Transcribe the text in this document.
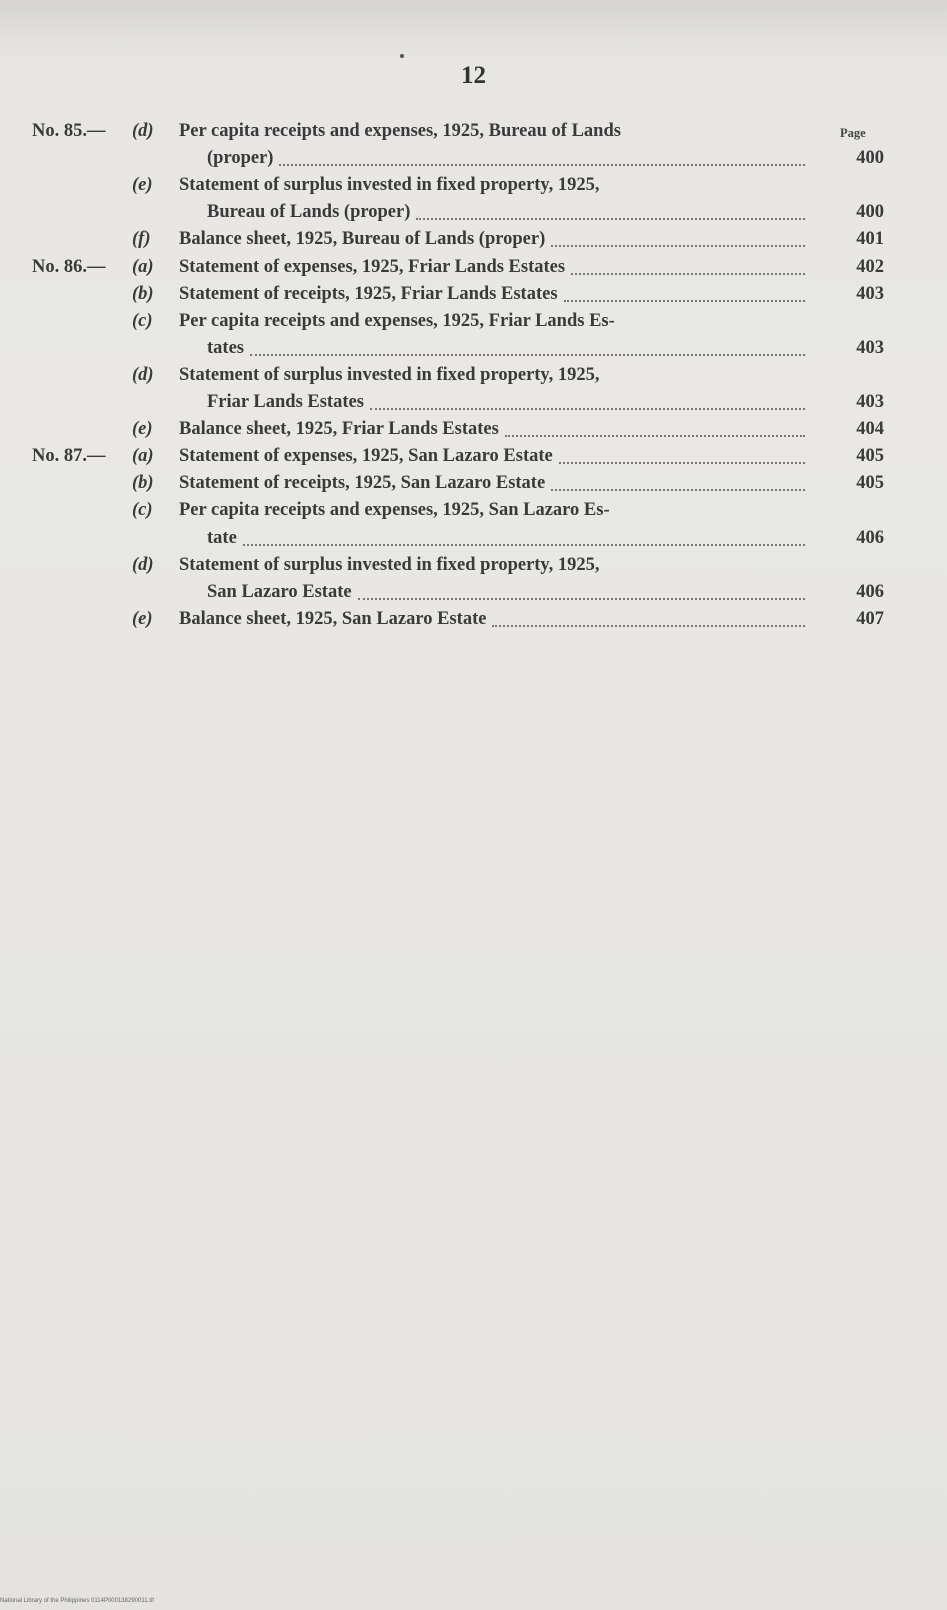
12
Page
No. 85.— (d) Per capita receipts and expenses, 1925, Bureau of Lands
(proper)	400
(e) Statement of surplus invested in fixed property, 1925,
Bureau of Lands (proper)	400
(f) Balance sheet, 1925, Bureau of Lands (proper)	401
No. 86.— (a) Statement of expenses, 1925, Friar Lands Estates	402
(b) Statement of receipts, 1925, Friar Lands Estates	403
(c) Per capita receipts and expenses, 1925, Friar Lands Es-
tates	403
(d) Statement of surplus invested in fixed property, 1925,
Friar Lands Estates	403
(e) Balance sheet, 1925, Friar Lands Estates	404
No. 87.— (a) Statement of expenses, 1925, San Lazaro Estate	405
(b) Statement of receipts, 1925, San Lazaro Estate	405
(c) Per capita receipts and expenses, 1925, San Lazaro Es-
tate	406
(d) Statement of surplus invested in fixed property, 1925,
San Lazaro Estate	406
(e) Balance sheet, 1925, San Lazaro Estate	407
National Library of the Philippines 0114P000138290011.tif
